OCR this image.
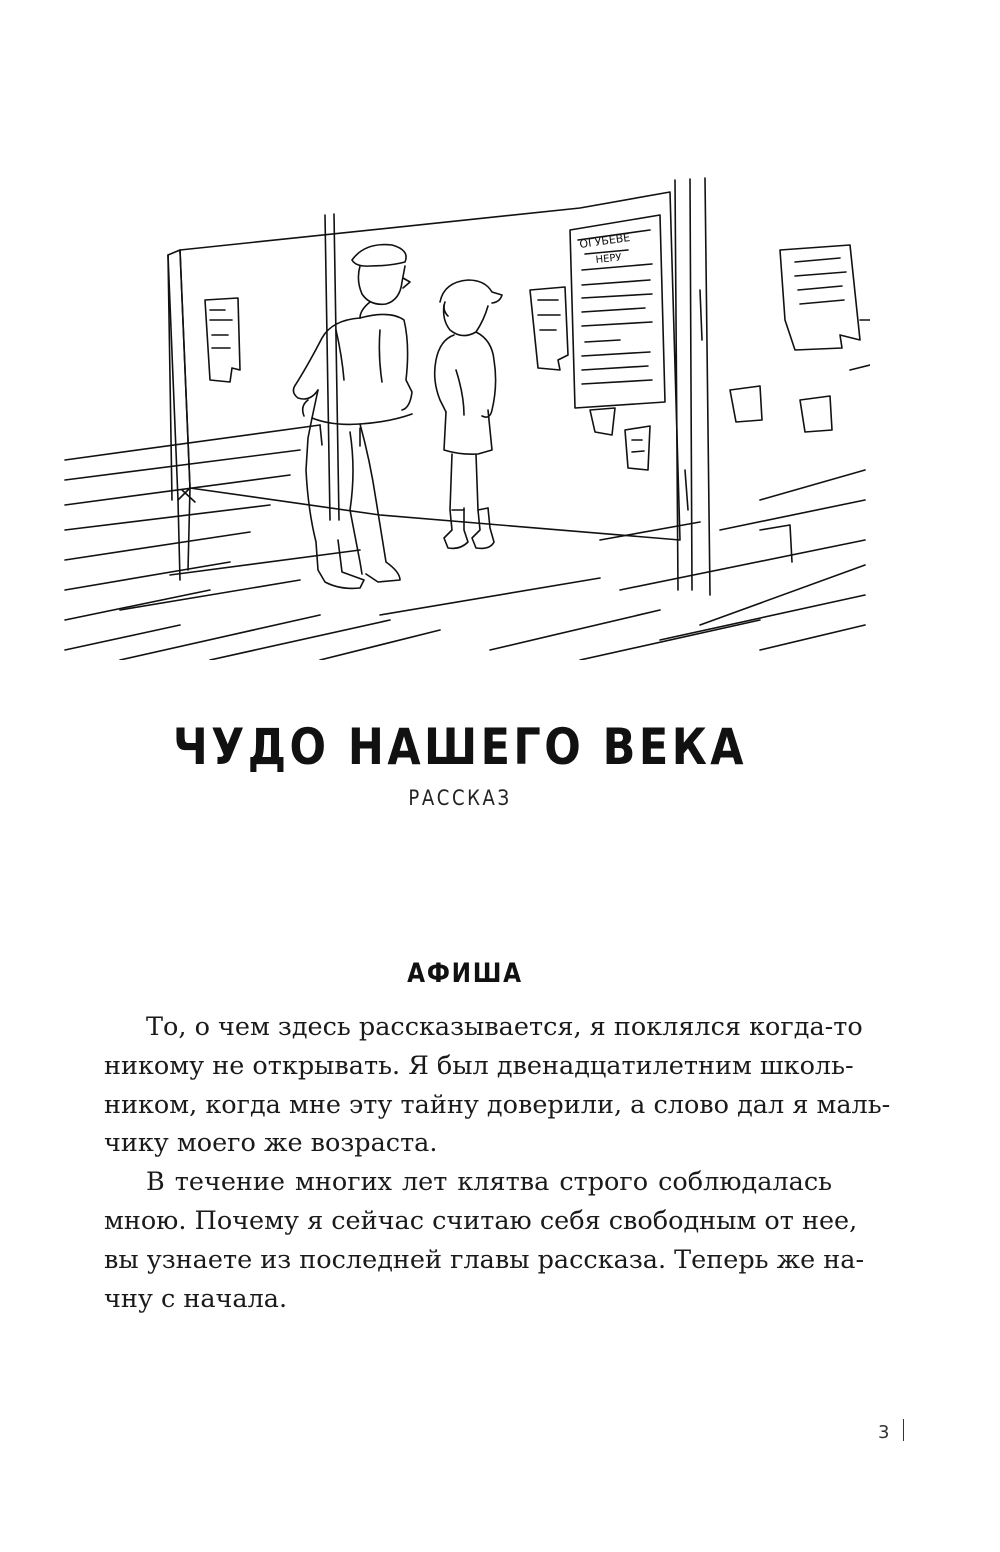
ОГУБЕВЕ
НЕРУ
ЧУДО НАШЕГО ВЕКА
РАССКАЗ
АФИША
То, о чем здесь рассказывается, я поклялся когда-то
никому не открывать. Я был двенадцатилетним школь-
ником, когда мне эту тайну доверили, а слово дал я маль-
чику моего же возраста.
В течение многих лет клятва строго соблюдалась
мною. Почему я сейчас считаю себя свободным от нее,
вы узнаете из последней главы рассказа. Теперь же на-
чну с начала.
3
